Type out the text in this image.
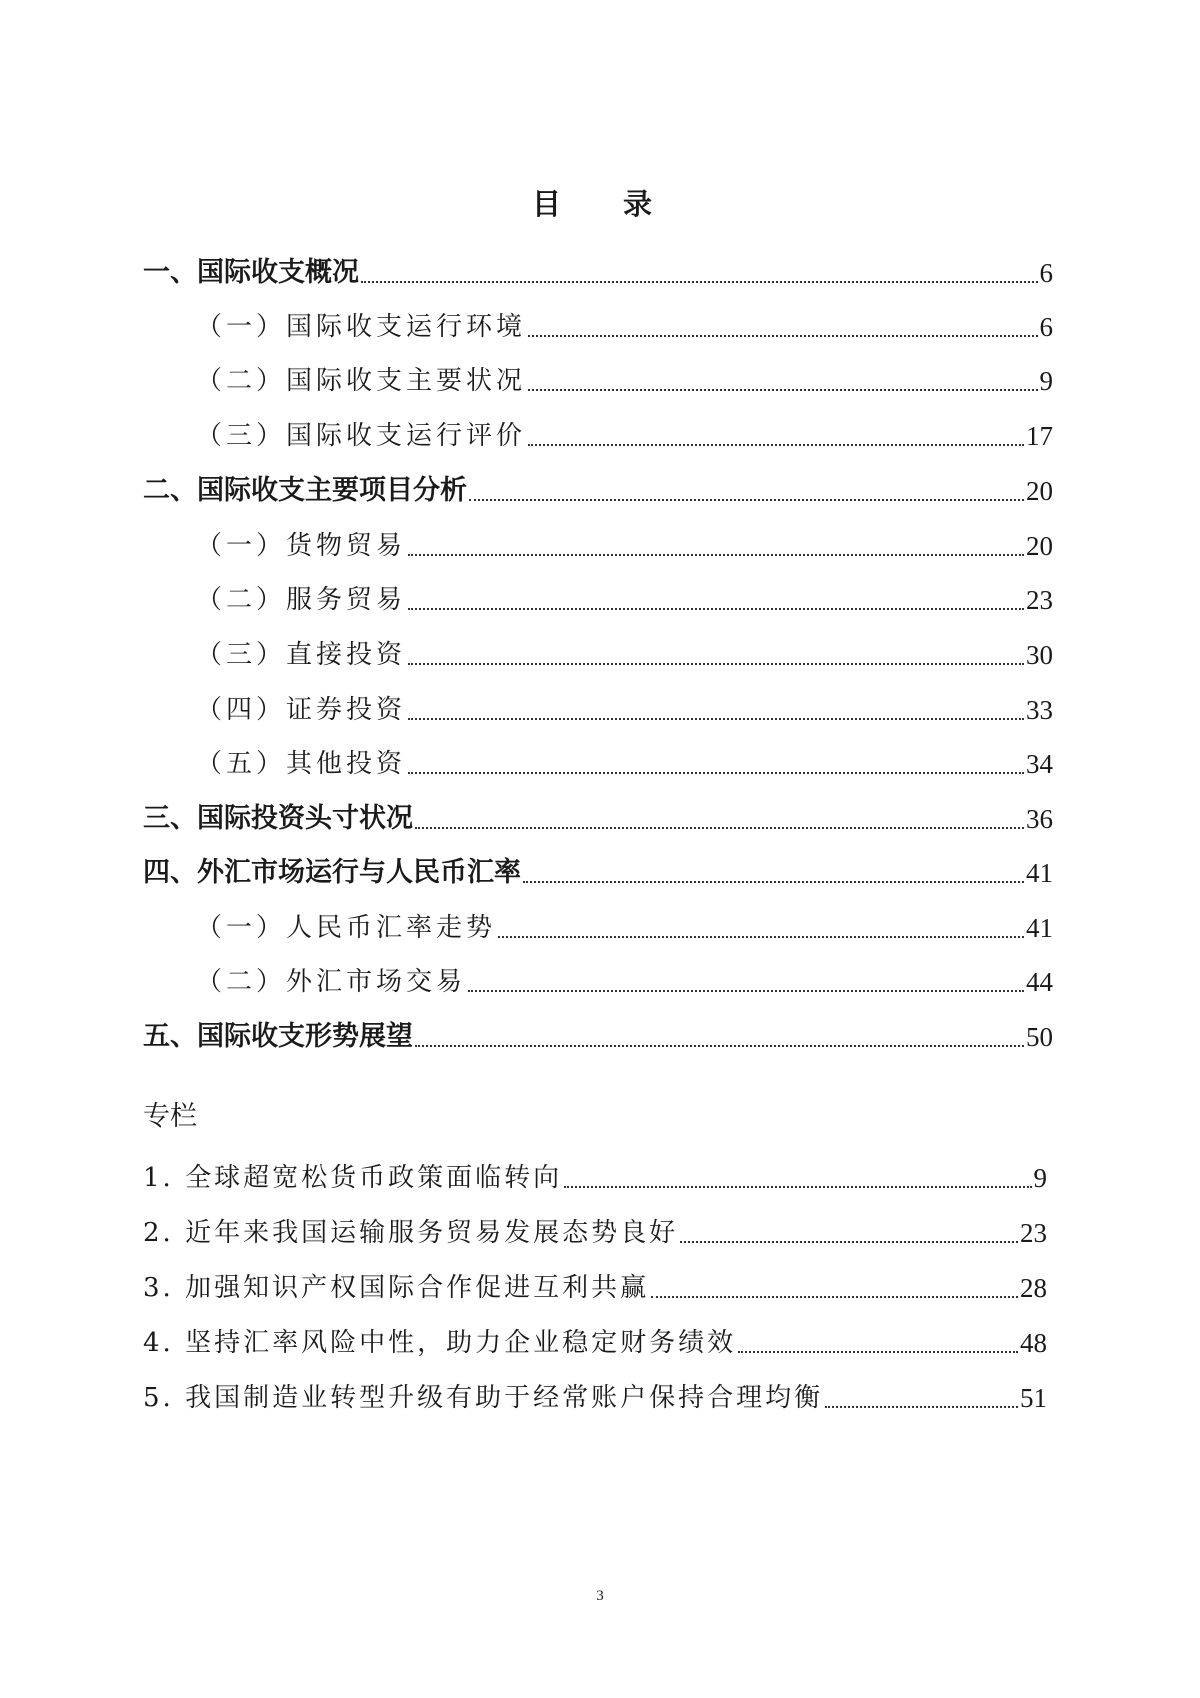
目 录
一、国际收支概况	6
（一）国际收支运行环境	6
（二）国际收支主要状况	9
（三）国际收支运行评价	17
二、国际收支主要项目分析	20
（一）货物贸易	20
（二）服务贸易	23
（三）直接投资	30
（四）证券投资	33
（五）其他投资	34
三、国际投资头寸状况	36
四、外汇市场运行与人民币汇率	41
（一）人民币汇率走势	41
（二）外汇市场交易	44
五、国际收支形势展望	50
专栏
1. 全球超宽松货币政策面临转向	9
2. 近年来我国运输服务贸易发展态势良好	23
3. 加强知识产权国际合作促进互利共赢	28
4. 坚持汇率风险中性，助力企业稳定财务绩效	48
5. 我国制造业转型升级有助于经常账户保持合理均衡	51
3
